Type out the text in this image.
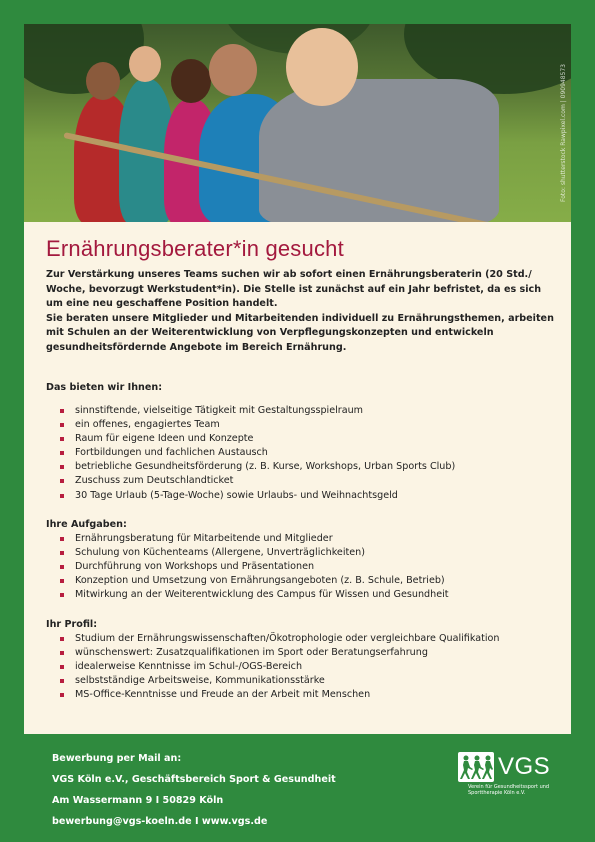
Foto: shutterstock Rawpixel.com | 090948573
Ernährungsberater*in gesucht

Zur Verstärkung unseres Teams suchen wir ab sofort einen Ernährungsberaterin (20 Std./ Woche, bevorzugt Werkstudent*in). Die Stelle ist zunächst auf ein Jahr befristet, da es sich um eine neu geschaffene Position handelt.

Sie beraten unsere Mitglieder und Mitarbeitenden individuell zu Ernährungsthemen, arbeiten mit Schulen an der Weiterentwicklung von Verpflegungskonzepten und entwickeln gesundheitsfördernde Angebote im Bereich Ernährung.

Das bieten wir Ihnen:
sinnstiftende, vielseitige Tätigkeit mit Gestaltungsspielraum
ein offenes, engagiertes Team
Raum für eigene Ideen und Konzepte
Fortbildungen und fachlichen Austausch
betriebliche Gesundheitsförderung (z. B. Kurse, Workshops, Urban Sports Club)
Zuschuss zum Deutschlandticket
30 Tage Urlaub (5-Tage-Woche) sowie Urlaubs- und Weihnachtsgeld
Ihre Aufgaben:
Ernährungsberatung für Mitarbeitende und Mitglieder
Schulung von Küchenteams (Allergene, Unverträglichkeiten)
Durchführung von Workshops und Präsentationen
Konzeption und Umsetzung von Ernährungsangeboten (z. B. Schule, Betrieb)
Mitwirkung an der Weiterentwicklung des Campus für Wissen und Gesundheit
Ihr Profil:
Studium der Ernährungswissenschaften/Ökotrophologie oder vergleichbare Qualifikation
wünschenswert: Zusatzqualifikationen im Sport oder Beratungserfahrung
idealerweise Kenntnisse im Schul-/OGS-Bereich
selbstständige Arbeitsweise, Kommunikationsstärke
MS-Office-Kenntnisse und Freude an der Arbeit mit Menschen
Bewerbung per Mail an:
VGS Köln e.V., Geschäftsbereich Sport & Gesundheit
Am Wassermann 9 I 50829 Köln
bewerbung@vgs-koeln.de I www.vgs.de
VGS
Verein für Gesundheitssport und Sporttherapie Köln e.V.
